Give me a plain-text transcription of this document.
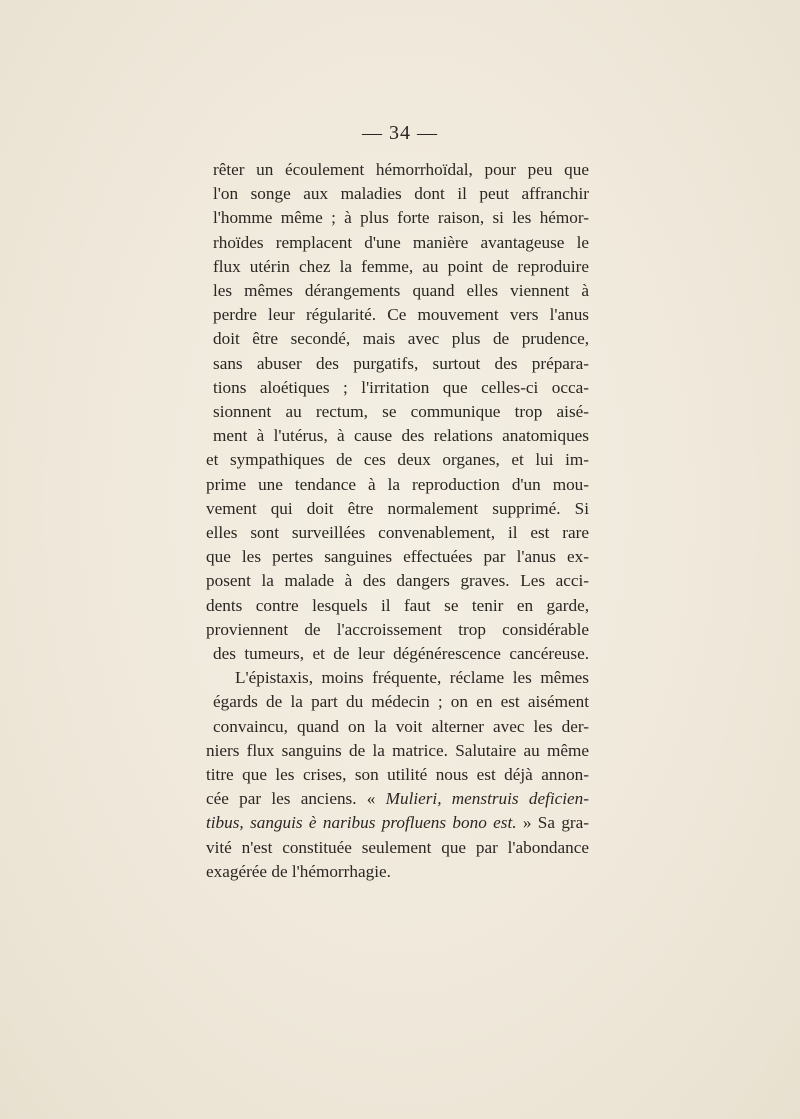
— 34 —
rêter un écoulement hémorrhoïdal, pour peu que
l'on songe aux maladies dont il peut affranchir
l'homme même ; à plus forte raison, si les hémor-
rhoïdes remplacent d'une manière avantageuse le
flux utérin chez la femme, au point de reproduire
les mêmes dérangements quand elles viennent à
perdre leur régularité. Ce mouvement vers l'anus
doit être secondé, mais avec plus de prudence,
sans abuser des purgatifs, surtout des prépara-
tions aloétiques ; l'irritation que celles-ci occa-
sionnent au rectum, se communique trop aisé-
ment à l'utérus, à cause des relations anatomiques
et sympathiques de ces deux organes, et lui im-
prime une tendance à la reproduction d'un mou-
vement qui doit être normalement supprimé. Si
elles sont surveillées convenablement, il est rare
que les pertes sanguines effectuées par l'anus ex-
posent la malade à des dangers graves. Les acci-
dents contre lesquels il faut se tenir en garde,
proviennent de l'accroissement trop considérable
des tumeurs, et de leur dégénérescence cancéreuse.
L'épistaxis, moins fréquente, réclame les mêmes
égards de la part du médecin ; on en est aisément
convaincu, quand on la voit alterner avec les der-
niers flux sanguins de la matrice. Salutaire au même
titre que les crises, son utilité nous est déjà annon-
cée par les anciens. « Mulieri, menstruis deficien-
tibus, sanguis è naribus profluens bono est. » Sa gra-
vité n'est constituée seulement que par l'abondance
exagérée de l'hémorrhagie.
